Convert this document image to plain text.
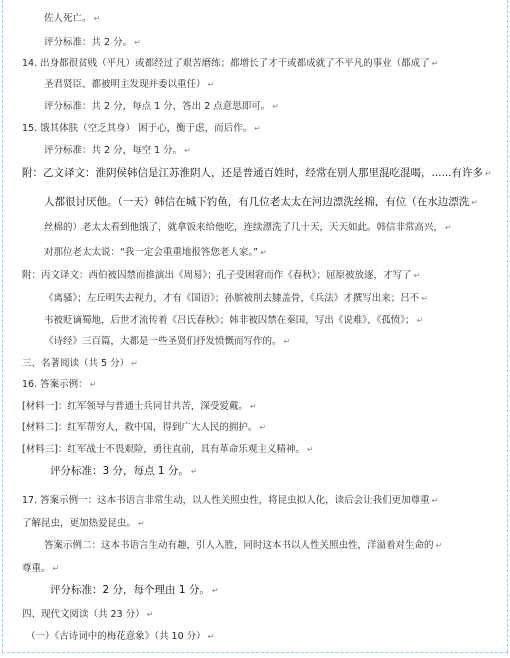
佐人死亡。 ↵
评分标准：共 2 分。 ↵
14. 出身都很贫贱（平凡）或都经过了艰苦磨练；都增长了才干或都成就了不平凡的事业（都成了 ↵
圣君贤臣、都被明主发现并委以重任） ↵
评分标准：共 2 分，每点 1 分，答出 2 点意思即可。 ↵
15. 饿其体肤（空乏其身） 困于心，衡于虑，而后作。 ↵
评分标准：共 2 分，每空 1 分。 ↵
附：乙文译文：淮阴侯韩信是江苏淮阴人，还是普通百姓时，经常在别人那里混吃混喝，......有许多 ↵
人都很讨厌他。（一天）韩信在城下钓鱼，有几位老太太在河边漂洗丝棉，有位（在水边漂洗 ↵
丝棉的）老太太看到他饿了，就拿饭来给他吃，连续漂洗了几十天，天天如此。韩信非常高兴， ↵
对那位老太太说：“我一定会重重地报答您老人家。” ↵
附：丙文译文：西伯被囚禁而推演出《周易》；孔子受困窘而作《春秋》；屈原被放逐，才写了 ↵
《离骚》；左丘明失去视力，才有《国语》；孙膑被削去膝盖骨，《兵法》才撰写出来；吕不 ↵
韦被贬谪蜀地，后世才流传着《吕氏春秋》；韩非被囚禁在秦国，写出《说难》、《孤愤》； ↵
《诗经》三百篇，大都是一些圣贤们抒发愤慨而写作的。 ↵
三、名著阅读（共 5 分） ↵
16. 答案示例： ↵
[材料一]：红军领导与普通士兵同甘共苦，深受爱戴。 ↵
[材料二]：红军帮穷人，救中国，得到广大人民的拥护。 ↵
[材料三]：红军战士不畏艰险，勇往直前，具有革命乐观主义精神。 ↵
评分标准：3 分，每点 1 分。 ↵
17. 答案示例一：这本书语言非常生动，以人性关照虫性，将昆虫拟人化，读后会让我们更加尊重 ↵
了解昆虫，更加热爱昆虫。 ↵
答案示例二：这本书语言生动有趣，引人入胜，同时这本书以人性关照虫性，洋溢着对生命的 ↵
尊重。 ↵
评分标准：2 分，每个理由 1 分。 ↵
四、现代文阅读（共 23 分） ↵
（一）《古诗词中的梅花意象》（共 10 分） ↵
